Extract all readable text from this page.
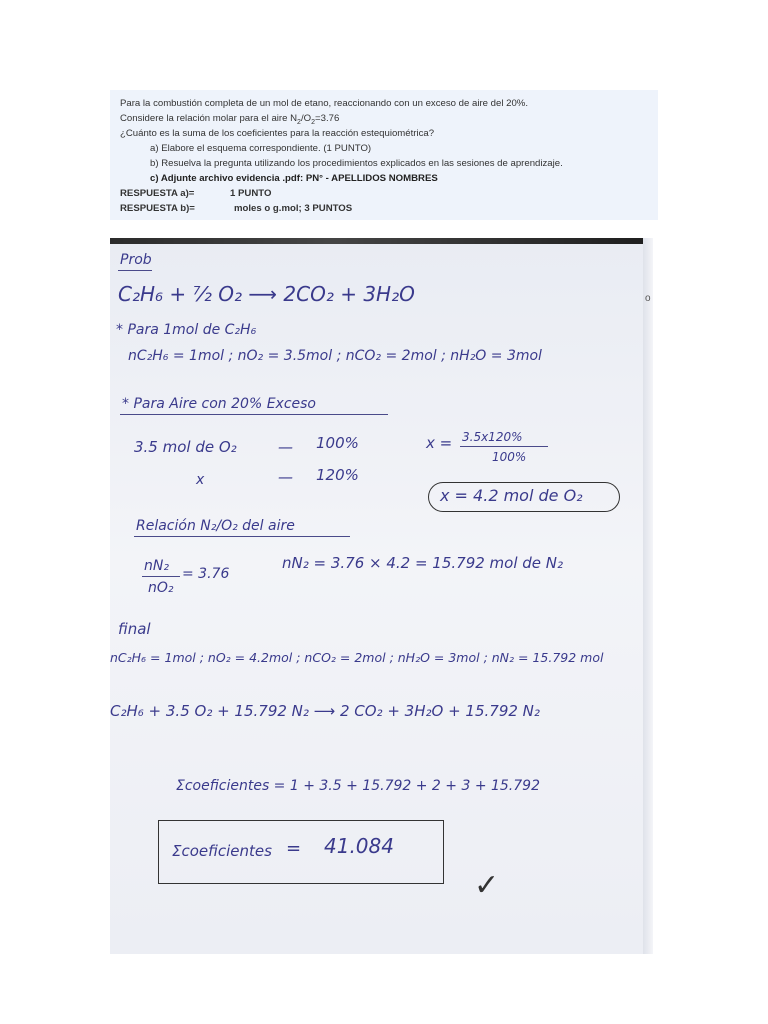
Para la combustión completa de un mol de etano, reaccionando con un exceso de aire del 20%.

Considere la relación molar para el aire $N_2/O_2=3.76$

¿Cuánto es la suma de los coeficientes para la reacción estequiométrica?

a) Elabore el esquema correspondiente. (1 PUNTO)

b) Resuelva la pregunta utilizando los procedimientos explicados en las sesiones de aprendizaje.

c) Adjunte archivo evidencia .pdf: PN° - APELLIDOS NOMBRES

RESPUESTA a)=	1 PUNTO

RESPUESTA b)=	moles o g.mol; 3 PUNTOS

Prob
C₂H₆ + ⁷⁄₂ O₂ ⟶ 2CO₂ + 3H₂O
* Para 1mol de C₂H₆
nC₂H₆ = 1mol ; nO₂ = 3.5mol ; nCO₂ = 2mol ; nH₂O = 3mol
* Para Aire con 20% Exceso
3.5 mol de O₂	— 100%	x = 3.5x120%
100%
x	— 120%
x = 4.2 mol de O₂
Relación N₂/O₂ del aire
nN₂
nO₂
= 3.76
nN₂ = 3.76 × 4.2 = 15.792 mol de N₂
final
nC₂H₆ = 1mol ; nO₂ = 4.2mol ; nCO₂ = 2mol ; nH₂O = 3mol ; nN₂ = 15.792 mol
C₂H₆ + 3.5 O₂ + 15.792 N₂ ⟶ 2 CO₂ + 3H₂O + 15.792 N₂
Σcoeficientes = 1 + 3.5 + 15.792 + 2 + 3 + 15.792
Σcoeficientes = 41.084
✓
o
